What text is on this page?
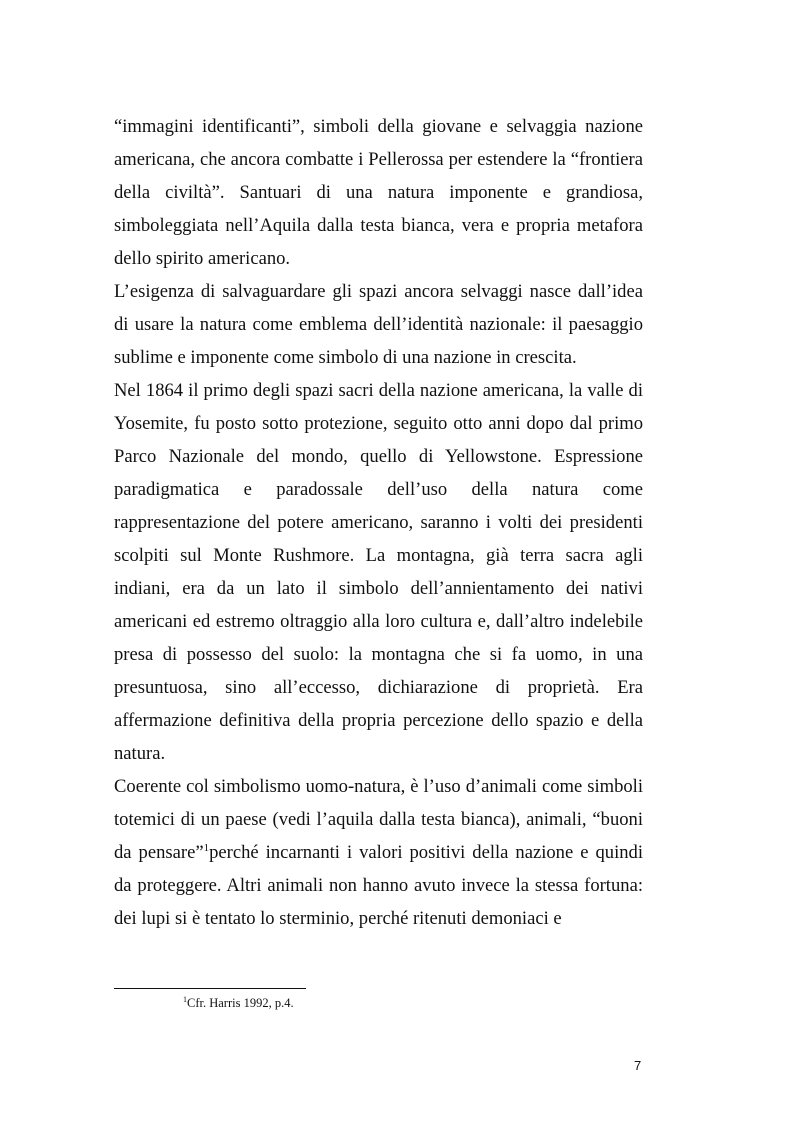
“immagini identificanti”, simboli della giovane e selvaggia nazione americana, che ancora combatte i Pellerossa per estendere la “frontiera della civiltà”. Santuari di una natura imponente e grandiosa, simboleggiata nell’Aquila dalla testa bianca, vera e propria metafora dello spirito americano.

L’esigenza di salvaguardare gli spazi ancora selvaggi nasce dall’idea di usare la natura come emblema dell’identità nazionale: il paesaggio sublime e imponente come simbolo di una nazione in crescita.

Nel 1864 il primo degli spazi sacri della nazione americana, la valle di Yosemite, fu posto sotto protezione, seguito otto anni dopo dal primo Parco Nazionale del mondo, quello di Yellowstone. Espressione paradigmatica e paradossale dell’uso della natura come rappresentazione del potere americano, saranno i volti dei presidenti scolpiti sul Monte Rushmore. La montagna, già terra sacra agli indiani, era da un lato il simbolo dell’annientamento dei nativi americani ed estremo oltraggio alla loro cultura e, dall’altro indelebile presa di possesso del suolo: la montagna che si fa uomo, in una presuntuosa, sino all’eccesso, dichiarazione di proprietà. Era affermazione definitiva della propria percezione dello spazio e della natura.

Coerente col simbolismo uomo-natura, è l’uso d’animali come simboli totemici di un paese (vedi l’aquila dalla testa bianca), animali, “buoni da pensare”$^1$perché incarnanti i valori positivi della nazione e quindi da proteggere. Altri animali non hanno avuto invece la stessa fortuna: dei lupi si è tentato lo sterminio, perché ritenuti demoniaci e

$^1$Cfr. Harris 1992, p.4.
7
